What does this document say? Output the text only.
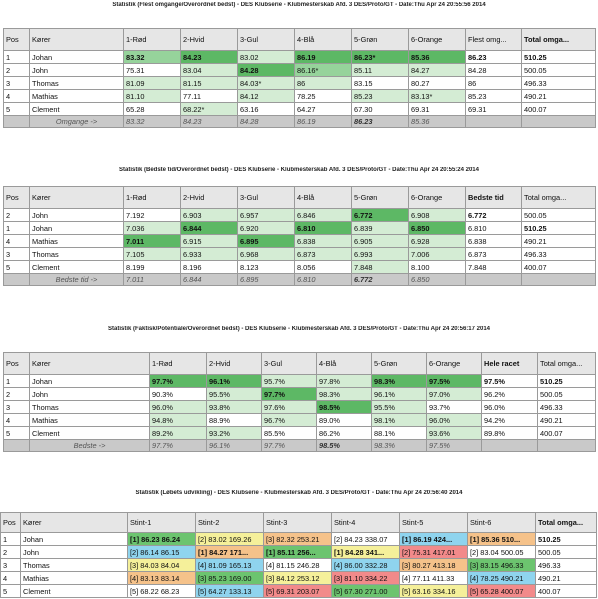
Statistik (Flest omgange/Overordnet bedst) - DES Klubserie - Klubmesterskab Afd. 3 DES/Proto/GT - Date:Thu Apr 24 20:55:56 2014
Pos	Kører	1-Rød	2-Hvid	3-Gul	4-Blå	5-Grøn	6-Orange	Flest omg...	Total omga...
1	Johan	83.32	84.23	83.02	86.19	86.23*	85.36	86.23	510.25
2	John	75.31	83.04	84.28	86.16*	85.11	84.27	84.28	500.05
3	Thomas	81.09	81.15	84.03*	86	83.15	80.27	86	496.33
4	Mathias	81.10	77.11	84.12	78.25	85.23	83.13*	85.23	490.21
5	Clement	65.28	68.22*	63.16	64.27	67.30	69.31	69.31	400.07
	Omgange ->	83.32	84.23	84.28	86.19	86.23	85.36		
Statistik (Bedste tid/Overordnet bedst) - DES Klubserie - Klubmesterskab Afd. 3 DES/Proto/GT - Date:Thu Apr 24 20:55:24 2014
Pos	Kører	1-Rød	2-Hvid	3-Gul	4-Blå	5-Grøn	6-Orange	Bedste tid	Total omga...
2	John	7.192	6.903	6.957	6.846	6.772	6.908	6.772	500.05
1	Johan	7.036	6.844	6.920	6.810	6.839	6.850	6.810	510.25
4	Mathias	7.011	6.915	6.895	6.838	6.905	6.928	6.838	490.21
3	Thomas	7.105	6.933	6.968	6.873	6.993	7.006	6.873	496.33
5	Clement	8.199	8.196	8.123	8.056	7.848	8.100	7.848	400.07
	Bedste tid ->	7.011	6.844	6.895	6.810	6.772	6.850		
Statistik (Faktisk/Potentiale/Overordnet bedst) - DES Klubserie - Klubmesterskab Afd. 3 DES/Proto/GT - Date:Thu Apr 24 20:56:17 2014
Pos	Kører	1-Rød	2-Hvid	3-Gul	4-Blå	5-Grøn	6-Orange	Hele racet	Total omga...
1	Johan	97.7%	96.1%	95.7%	97.8%	98.3%	97.5%	97.5%	510.25
2	John	90.3%	95.5%	97.7%	98.3%	96.1%	97.0%	96.2%	500.05
3	Thomas	96.0%	93.8%	97.6%	98.5%	95.5%	93.7%	96.0%	496.33
4	Mathias	94.8%	88.9%	96.7%	89.0%	98.1%	96.0%	94.2%	490.21
5	Clement	89.2%	93.2%	85.5%	86.2%	88.1%	93.6%	89.8%	400.07
	Bedste ->	97.7%	96.1%	97.7%	98.5%	98.3%	97.5%		
Statistik (Løbets udvikling) - DES Klubserie - Klubmesterskab Afd. 3 DES/Proto/GT - Date:Thu Apr 24 20:56:40 2014
Pos	Kører	Stint-1	Stint-2	Stint-3	Stint-4	Stint-5	Stint-6	Total omga...
1	Johan	[1] 86.23 86.24	[2] 83.02 169.26	[3] 82.32 253.21	[2] 84.23 338.07	[1] 86.19 424...	[1] 85.36 510...	510.25
2	John	[2] 86.14 86.15	[1] 84.27 171...	[1] 85.11 256...	[1] 84.28 341...	[2] 75.31 417.01	[2] 83.04 500.05	500.05
3	Thomas	[3] 84.03 84.04	[4] 81.09 165.13	[4] 81.15 246.28	[4] 86.00 332.28	[3] 80.27 413.18	[3] 83.15 496.33	496.33
4	Mathias	[4] 83.13 83.14	[3] 85.23 169.00	[3] 84.12 253.12	[3] 81.10 334.22	[4] 77.11 411.33	[4] 78.25 490.21	490.21
5	Clement	[5] 68.22 68.23	[5] 64.27 133.13	[5] 69.31 203.07	[5] 67.30 271.00	[5] 63.16 334.16	[5] 65.28 400.07	400.07
